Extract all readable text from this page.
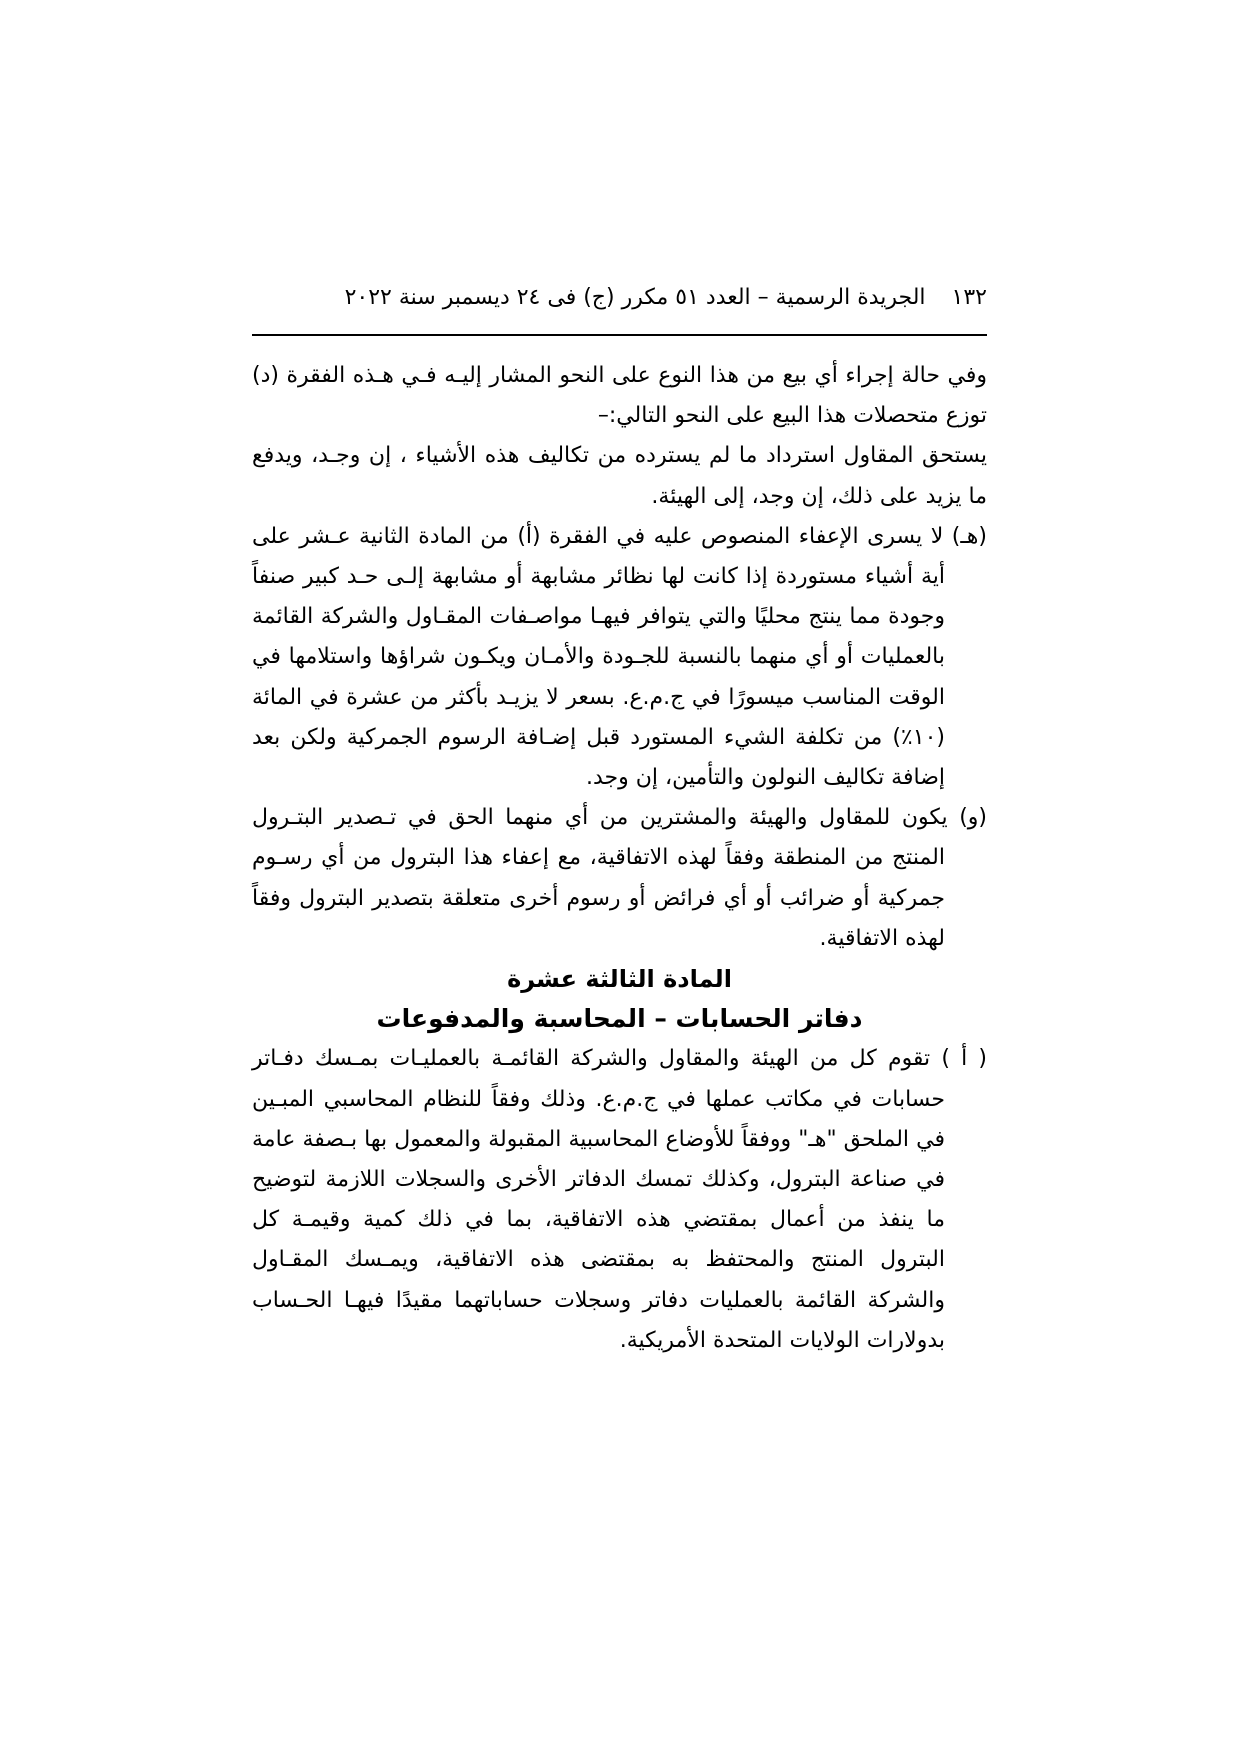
١٣٢الجريدة الرسمية – العدد ٥١ مكرر (ج) فى ٢٤ ديسمبر سنة ٢٠٢٢

وفي حالة إجراء أي بيع من هذا النوع على النحو المشار إليـه فـي هـذه الفقرة (د) توزع متحصلات هذا البيع على النحو التالي:–

يستحق المقاول استرداد ما لم يسترده من تكاليف هذه الأشياء ، إن وجـد، ويدفع ما يزيد على ذلك، إن وجد، إلى الهيئة.

(هـ) لا يسرى الإعفاء المنصوص عليه في الفقرة (أ) من المادة الثانية عـشر على أية أشياء مستوردة إذا كانت لها نظائر مشابهة أو مشابهة إلـى حـد كبير صنفاً وجودة مما ينتج محليًا والتي يتوافر فيهـا مواصـفات المقـاول والشركة القائمة بالعمليات أو أي منهما بالنسبة للجـودة والأمـان ويكـون شراؤها واستلامها في الوقت المناسب ميسورًا في ج.م.ع. بسعر لا يزيـد بأكثر من عشرة في المائة (١٠٪) من تكلفة الشيء المستورد قبل إضـافة الرسوم الجمركية ولكن بعد إضافة تكاليف النولون والتأمين، إن وجد.

(و) يكون للمقاول والهيئة والمشترين من أي منهما الحق في تـصدير البتـرول المنتج من المنطقة وفقاً لهذه الاتفاقية، مع إعفاء هذا البترول من أي رسـوم جمركية أو ضرائب أو أي فرائض أو رسوم أخرى متعلقة بتصدير البترول وفقاً لهذه الاتفاقية.

المادة الثالثة عشرة

دفاتر الحسابات – المحاسبة والمدفوعات

( أ ) تقوم كل من الهيئة والمقاول والشركة القائمـة بالعمليـات بمـسك دفـاتر حسابات في مكاتب عملها في ج.م.ع. وذلك وفقاً للنظام المحاسبي المبـين في الملحق "هـ" ووفقاً للأوضاع المحاسبية المقبولة والمعمول بها بـصفة عامة في صناعة البترول، وكذلك تمسك الدفاتر الأخرى والسجلات اللازمة لتوضيح ما ينفذ من أعمال بمقتضي هذه الاتفاقية، بما في ذلك كمية وقيمـة كل البترول المنتج والمحتفظ به بمقتضى هذه الاتفاقية، ويمـسك المقـاول والشركة القائمة بالعمليات دفاتر وسجلات حساباتهما مقيدًا فيهـا الحـساب بدولارات الولايات المتحدة الأمريكية.
